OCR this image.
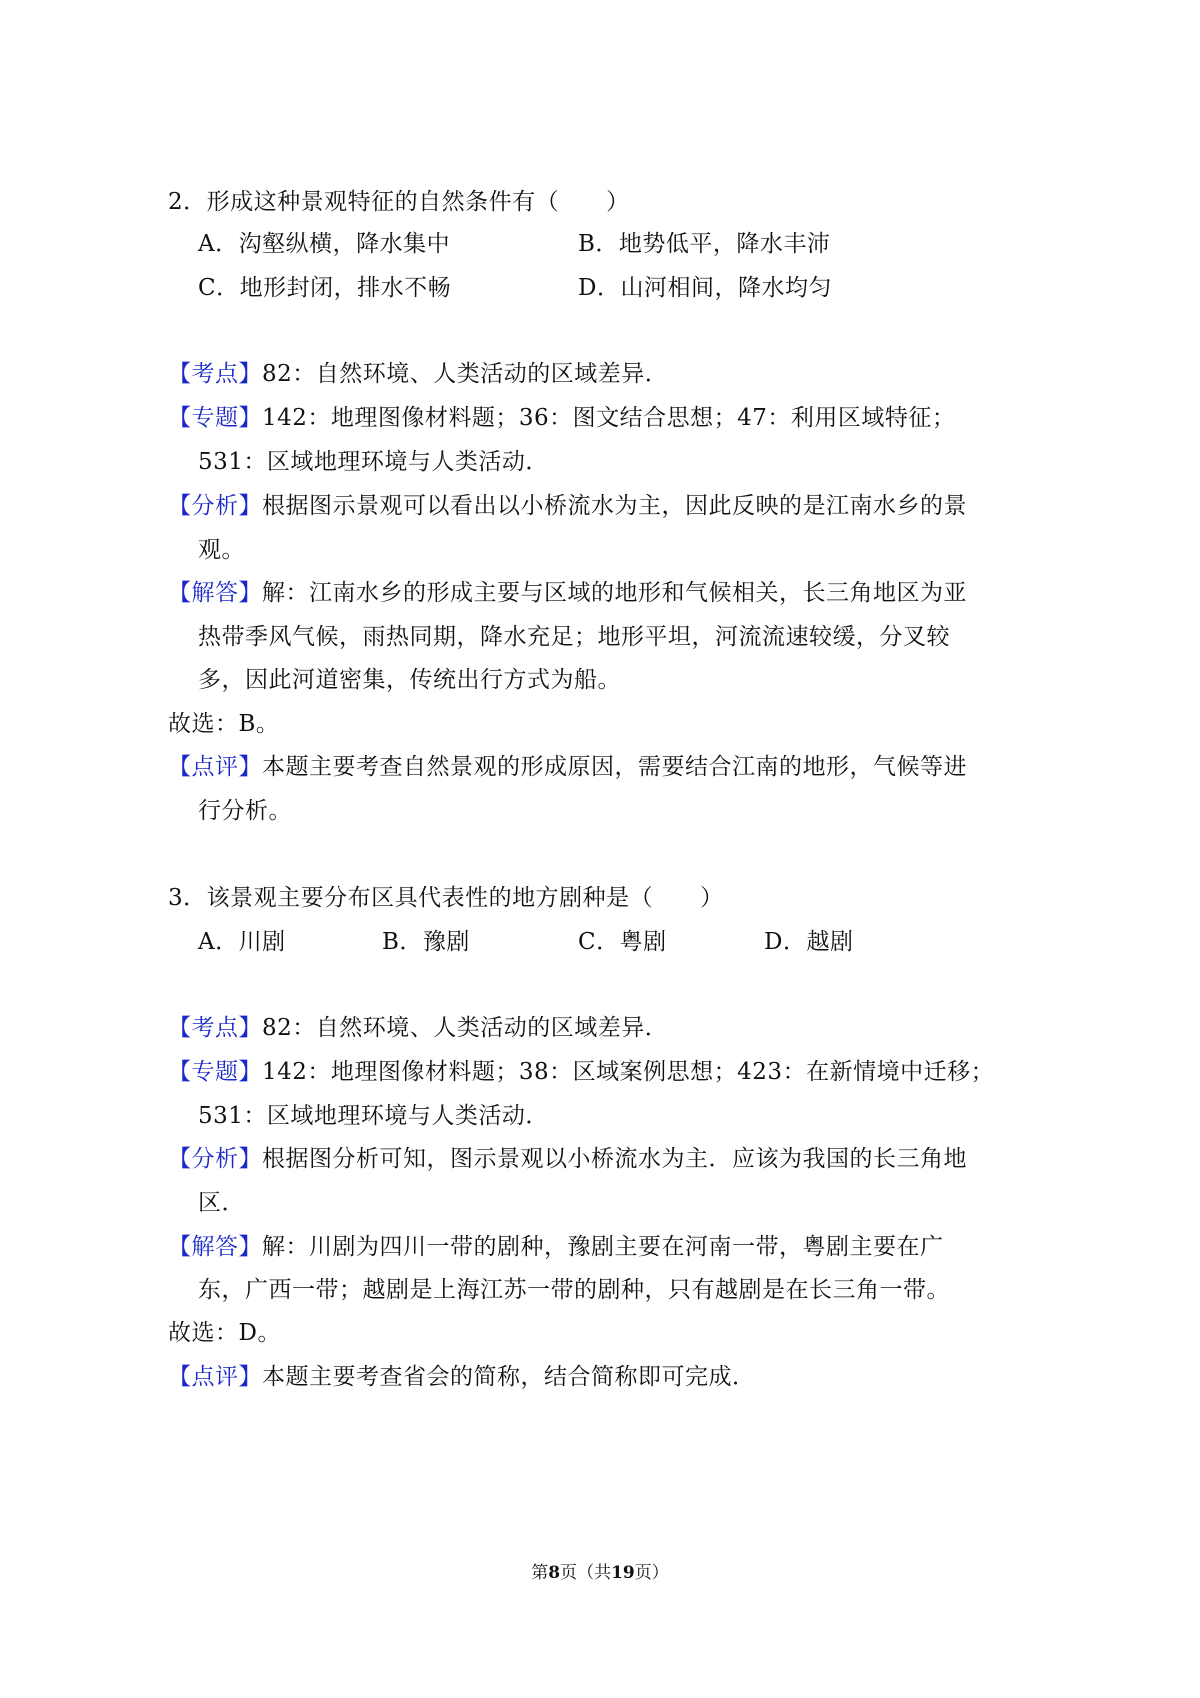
2．形成这种景观特征的自然条件有（　　）
A．沟壑纵横，降水集中	B．地势低平，降水丰沛
C．地形封闭，排水不畅	D．山河相间，降水均匀
【考点】82：自然环境、人类活动的区域差异．
【专题】142：地理图像材料题；36：图文结合思想；47：利用区域特征；
531：区域地理环境与人类活动．
【分析】根据图示景观可以看出以小桥流水为主，因此反映的是江南水乡的景
观。
【解答】解：江南水乡的形成主要与区域的地形和气候相关，长三角地区为亚
热带季风气候，雨热同期，降水充足；地形平坦，河流流速较缓，分叉较
多，因此河道密集，传统出行方式为船。
故选：B。
【点评】本题主要考查自然景观的形成原因，需要结合江南的地形，气候等进
行分析。
3．该景观主要分布区具代表性的地方剧种是（　　）
A．川剧	B．豫剧	C．粤剧	D．越剧
【考点】82：自然环境、人类活动的区域差异．
【专题】142：地理图像材料题；38：区域案例思想；423：在新情境中迁移；
531：区域地理环境与人类活动．
【分析】根据图分析可知，图示景观以小桥流水为主．应该为我国的长三角地
区．
【解答】解：川剧为四川一带的剧种，豫剧主要在河南一带，粤剧主要在广
东，广西一带；越剧是上海江苏一带的剧种，只有越剧是在长三角一带。
故选：D。
【点评】本题主要考查省会的简称，结合简称即可完成．
第8页（共19页）
